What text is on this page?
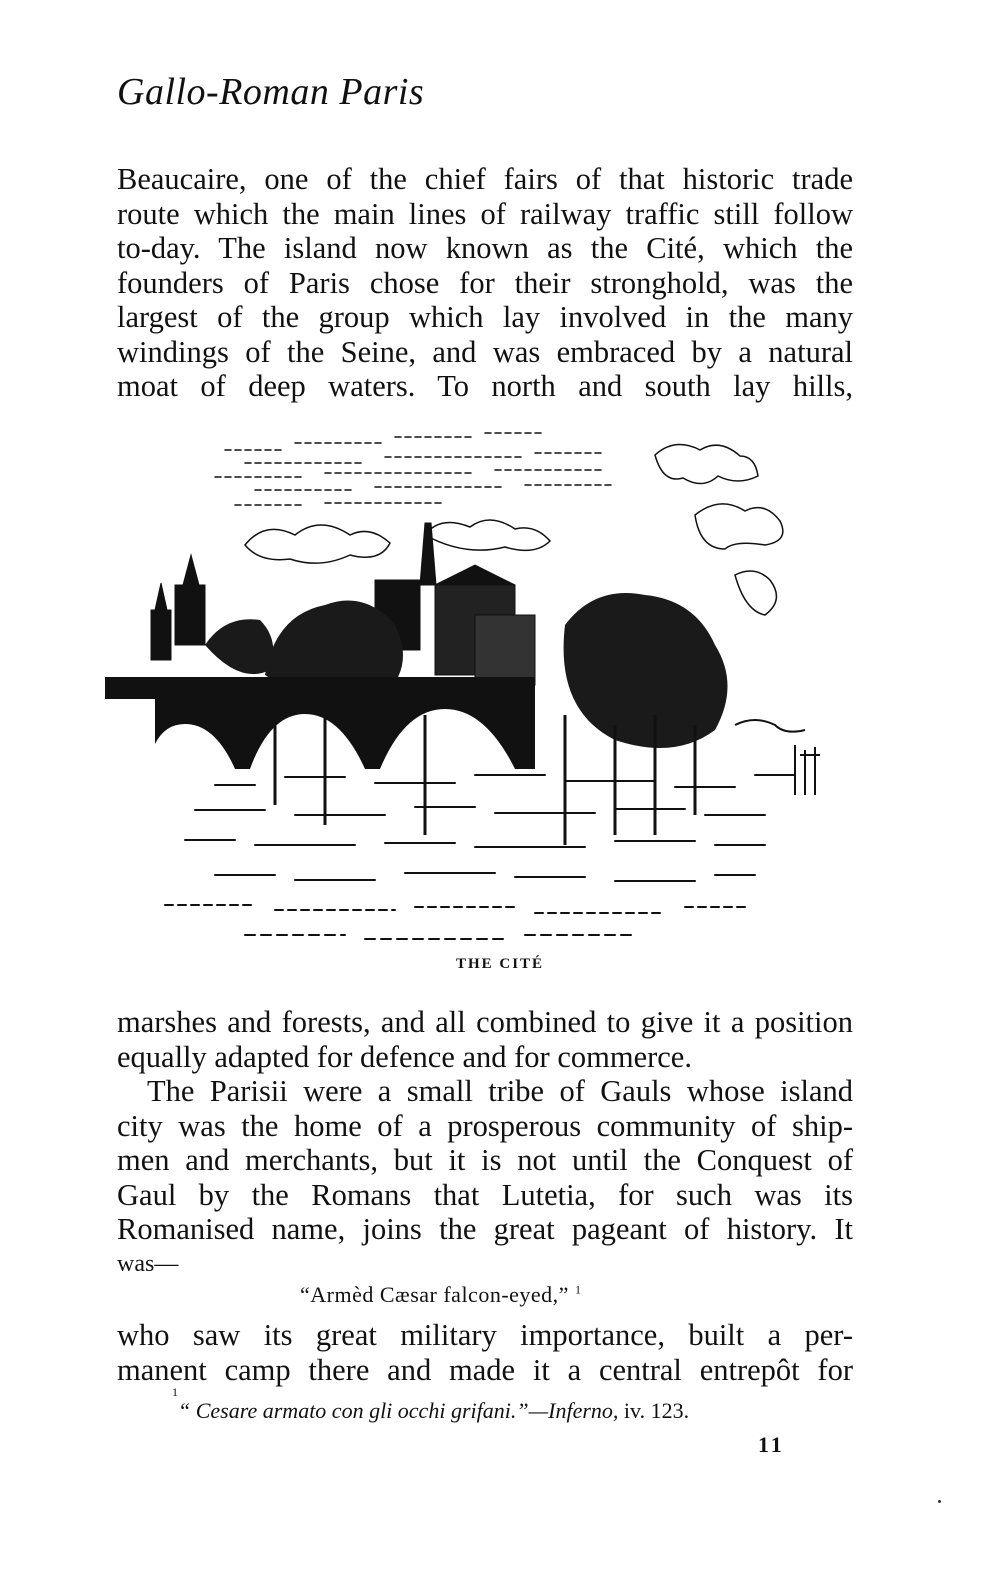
Gallo-Roman Paris
Beaucaire, one of the chief fairs of that historic trade
route which the main lines of railway traffic still follow
to-day. The island now known as the Cité, which the
founders of Paris chose for their stronghold, was the
largest of the group which lay involved in the many
windings of the Seine, and was embraced by a natural
moat of deep waters. To north and south lay hills,
THE CITÉ
marshes and forests, and all combined to give it a position
equally adapted for defence and for commerce.
The Parisii were a small tribe of Gauls whose island
city was the home of a prosperous community of ship-
men and merchants, but it is not until the Conquest of
Gaul by the Romans that Lutetia, for such was its
Romanised name, joins the great pageant of history. It
was—
“Armèd Cæsar falcon-eyed,” $^1$
who saw its great military importance, built a per-
manent camp there and made it a central entrepôt for
1
“ Cesare armato con gli occhi grifani.”—Inferno, iv. 123.
11
